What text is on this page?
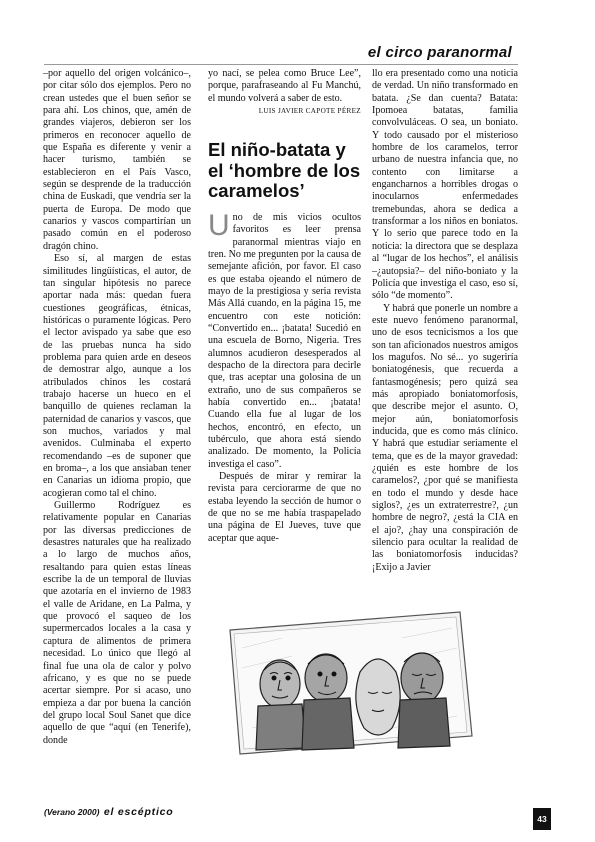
el circo paranormal

–por aquello del origen volcánico–, por citar sólo dos ejemplos. Pero no crean ustedes que el buen señor se para ahí. Los chinos, que, amén de grandes viajeros, debieron ser los primeros en reconocer aquello de que España es diferente y venir a hacer turismo, también se establecieron en el País Vasco, según se desprende de la traducción china de Euskadi, que vendría ser la puerta de Europa. De modo que canarios y vascos compartirían un pasado común en el poderoso dragón chino.

Eso sí, al margen de estas similitudes lingüísticas, el autor, de tan singular hipótesis no parece aportar nada más: quedan fuera cuestiones geográficas, étnicas, históricas o puramente lógicas. Pero el lector avispado ya sabe que eso de las pruebas nunca ha sido problema para quien arde en deseos de demostrar algo, aunque a los atribulados chinos les costará trabajo hacerse un hueco en el banquillo de quienes reclaman la paternidad de canarios y vascos, que son muchos, variados y mal avenidos. Culminaba el experto recomendando –es de suponer que en broma–, a los que ansiaban tener en Canarias un idioma propio, que acogieran como tal el chino.

Guillermo Rodríguez es relativamente popular en Canarias por las diversas predicciones de desastres naturales que ha realizado a lo largo de muchos años, resaltando para quien estas líneas escribe la de un temporal de lluvias que azotaría en el invierno de 1983 el valle de Aridane, en La Palma, y que provocó el saqueo de los supermercados locales a la casa y captura de alimentos de primera necesidad. Lo único que llegó al final fue una ola de calor y polvo africano, y es que no se puede acertar siempre. Por si acaso, uno empieza a dar por buena la canción del grupo local Soul Sanet que dice aquello de que “aquí (en Tenerife), donde

yo nací, se pelea como Bruce Lee”, porque, parafraseando al Fu Manchú, el mundo volverá a saber de esto.

LUIS JAVIER CAPOTE PÉREZ

El niño-batata y el ‘hombre de los caramelos’

Uno de mis vicios ocultos favoritos es leer prensa paranormal mientras viajo en tren. No me pregunten por la causa de semejante afición, por favor. El caso es que estaba ojeando el número de mayo de la prestigiosa y seria revista Más Allá cuando, en la página 15, me encuentro con este notición: “Convertido en... ¡batata! Sucedió en una escuela de Borno, Nigeria. Tres alumnos acudieron desesperados al despacho de la directora para decirle que, tras aceptar una golosina de un extraño, uno de sus compañeros se había convertido en... ¡batata! Cuando ella fue al lugar de los hechos, encontró, en efecto, un tubérculo, que ahora está siendo analizado. De momento, la Policía investiga el caso”.

Después de mirar y remirar la revista para cerciorarme de que no estaba leyendo la sección de humor o de que no se me había traspapelado una página de El Jueves, tuve que aceptar que aque-

llo era presentado como una noticia de verdad. Un niño transformado en batata. ¿Se dan cuenta? Batata: Ipomoea batatas, familia convolvuláceas. O sea, un boniato. Y todo causado por el misterioso hombre de los caramelos, terror urbano de nuestra infancia que, no contento con limitarse a engancharnos a horribles drogas o inocularnos enfermedades tremebundas, ahora se dedica a transformar a los niños en boniatos. Y lo serio que parece todo en la noticia: la directora que se desplaza al “lugar de los hechos”, el análisis –¿autopsia?– del niño-boniato y la Policía que investiga el caso, eso sí, sólo “de momento”.

Y habrá que ponerle un nombre a este nuevo fenómeno paranormal, uno de esos tecnicismos a los que son tan aficionados nuestros amigos los magufos. No sé... yo sugeriría boniatogénesis, que recuerda a fantasmogénesis; pero quizá sea más apropiado boniatomorfosis, que describe mejor el asunto. O, mejor aún, boniatomorfosis inducida, que es como más clínico. Y habrá que estudiar seriamente el tema, que es de la mayor gravedad: ¿quién es este hombre de los caramelos?, ¿por qué se manifiesta en todo el mundo y desde hace siglos?, ¿es un extraterrestre?, ¿un hombre de negro?, ¿está la CIA en el ajo?, ¿hay una conspiración de silencio para ocultar la realidad de las boniatomorfosis inducidas? ¡Exijo a Javier

(Verano 2000) el escéptico
43
